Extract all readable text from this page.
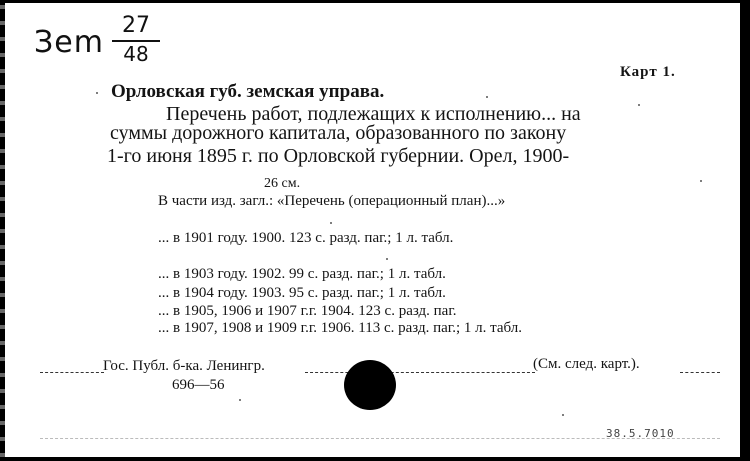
Зem 27
48
Карт 1.
Орловская губ. земская управа.
Перечень работ, подлежащих к исполнению... на
суммы дорожного капитала, образованного по закону
1-го июня 1895 г. по Орловской губернии. Орел, 1900-
26 см.
В части изд. загл.: «Перечень (операционный план)...»
... в 1901 году. 1900. 123 с. разд. паг.; 1 л. табл.
... в 1903 году. 1902. 99 с. разд. паг.; 1 л. табл.
... в 1904 году. 1903. 95 с. разд. паг.; 1 л. табл.
... в 1905, 1906 и 1907 г.г. 1904. 123 с. разд. паг.
... в 1907, 1908 и 1909 г.г. 1906. 113 с. разд. паг.; 1 л. табл.
Гос. Публ. б-ка. Ленингр.
696—56
(См. след. карт.).
38.5.7010
